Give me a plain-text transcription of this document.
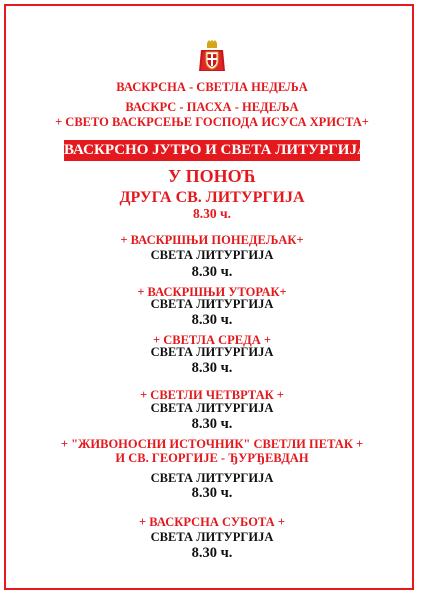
ВАСКРСНА - СВЕТЛА НЕДЕЉА
ВАСКРС - ПАСХА - НЕДЕЉА
+ СВЕТО ВАСКРСЕЊЕ ГОСПОДА ИСУСА ХРИСТА+
ВАСКРСНО ЈУТРО И СВЕТА ЛИТУРГИЈА
У ПОНОЋ
ДРУГА СВ. ЛИТУРГИЈА
8.30 ч.
+ ВАСКРШЊИ ПОНЕДЕЉАК+
СВЕТА ЛИТУРГИЈА
8.30 ч.
+ ВАСКРШЊИ УТОРАК+
СВЕТА ЛИТУРГИЈА
8.30 ч.
+ СВЕТЛА СРЕДА +
СВЕТА ЛИТУРГИЈА
8.30 ч.
+ СВЕТЛИ ЧЕТВРТАК +
СВЕТА ЛИТУРГИЈА
8.30 ч.
+ "ЖИВОНОСНИ ИСТОЧНИК" СВЕТЛИ ПЕТАК +
И СВ. ГЕОРГИЈЕ - ЂУРЂЕВДАН
СВЕТА ЛИТУРГИЈА
8.30 ч.
+ ВАСКРСНА СУБОТА +
СВЕТА ЛИТУРГИЈА
8.30 ч.
